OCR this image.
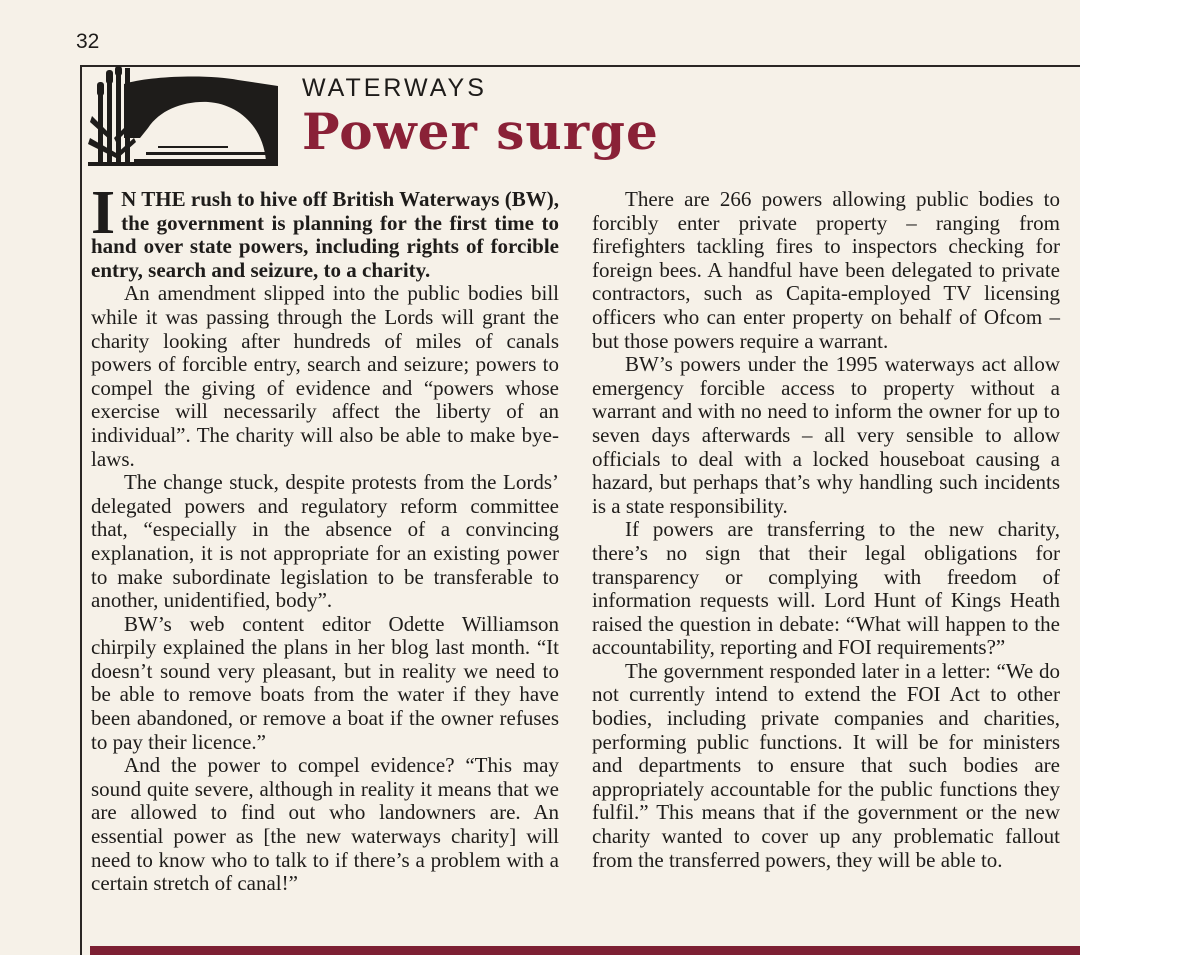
32
WATERWAYS
Power surge

I N THE rush to hive off British Waterways (BW), the government is planning for the first time to hand over state powers, including rights of forcible entry, search and seizure, to a charity.

An amendment slipped into the public bodies bill while it was passing through the Lords will grant the charity looking after hundreds of miles of canals powers of forcible entry, search and seizure; powers to compel the giving of evidence and “powers whose exercise will necessarily affect the liberty of an individual”. The charity will also be able to make bye-laws.

The change stuck, despite protests from the Lords’ delegated powers and regulatory reform committee that, “especially in the absence of a convincing explanation, it is not appropriate for an existing power to make subordinate legislation to be transferable to another, unidentified, body”.

BW’s web content editor Odette Williamson chirpily explained the plans in her blog last month. “It doesn’t sound very pleasant, but in reality we need to be able to remove boats from the water if they have been abandoned, or remove a boat if the owner refuses to pay their licence.”

And the power to compel evidence? “This may sound quite severe, although in reality it means that we are allowed to find out who landowners are. An essential power as [the new waterways charity] will need to know who to talk to if there’s a problem with a certain stretch of canal!”

There are 266 powers allowing public bodies to forcibly enter private property – ranging from firefighters tackling fires to inspectors checking for foreign bees. A handful have been delegated to private contractors, such as Capita-employed TV licensing officers who can enter property on behalf of Ofcom – but those powers require a warrant.

BW’s powers under the 1995 waterways act allow emergency forcible access to property without a warrant and with no need to inform the owner for up to seven days afterwards – all very sensible to allow officials to deal with a locked houseboat causing a hazard, but perhaps that’s why handling such incidents is a state responsibility.

If powers are transferring to the new charity, there’s no sign that their legal obligations for transparency or complying with freedom of information requests will. Lord Hunt of Kings Heath raised the question in debate: “What will happen to the accountability, reporting and FOI requirements?”

The government responded later in a letter: “We do not currently intend to extend the FOI Act to other bodies, including private companies and charities, performing public functions. It will be for ministers and departments to ensure that such bodies are appropriately accountable for the public functions they fulfil.” This means that if the government or the new charity wanted to cover up any problematic fallout from the transferred powers, they will be able to.
